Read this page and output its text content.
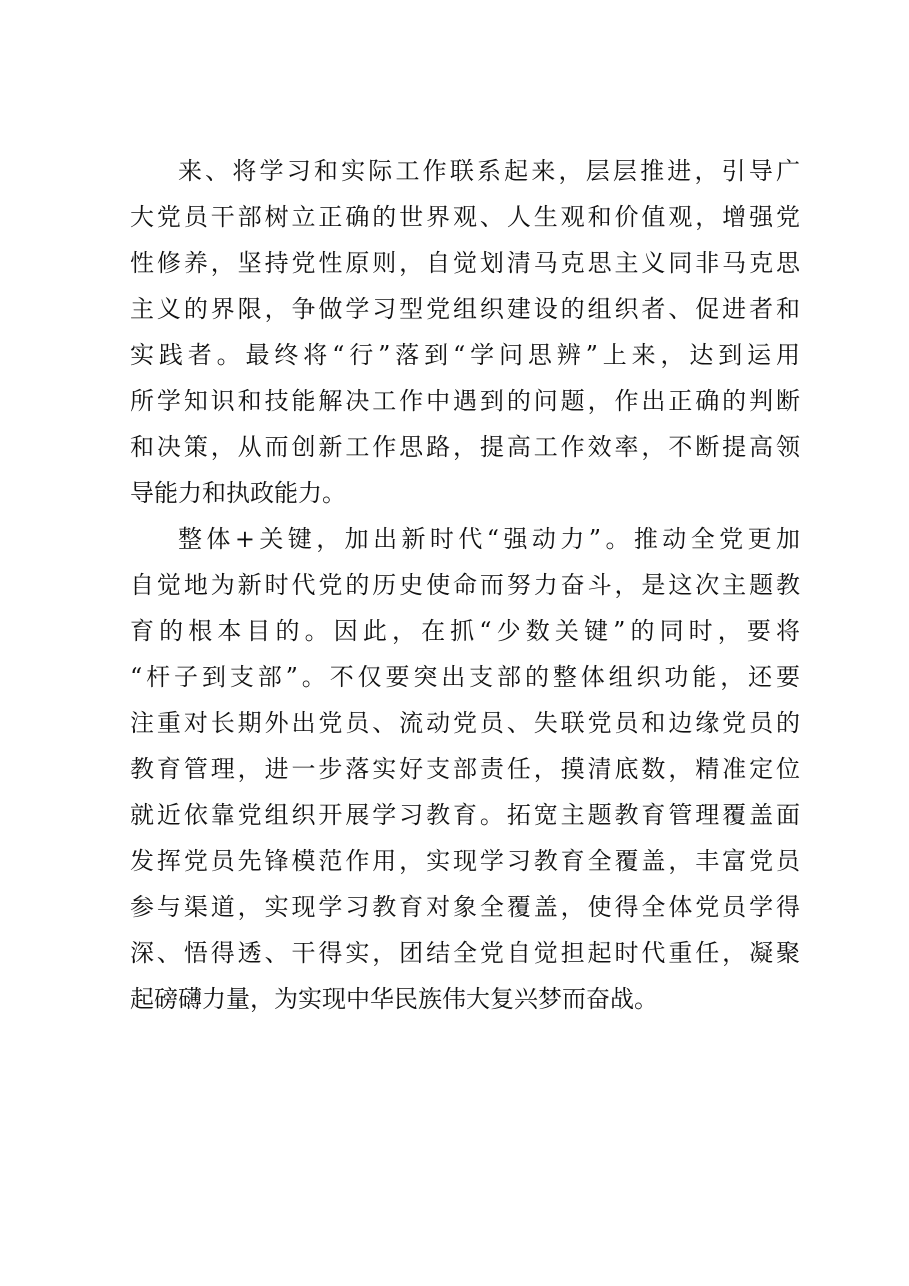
来、将学习和实际工作联系起来，层层推进，引导广
大党员干部树立正确的世界观、人生观和价值观，增强党
性修养，坚持党性原则，自觉划清马克思主义同非马克思
主义的界限，争做学习型党组织建设的组织者、促进者和
实践者。最终将“行”落到“学问思辨”上来，达到运用
所学知识和技能解决工作中遇到的问题，作出正确的判断
和决策，从而创新工作思路，提高工作效率，不断提高领
导能力和执政能力。
整体+关键，加出新时代“强动力”。推动全党更加
自觉地为新时代党的历史使命而努力奋斗，是这次主题教
育的根本目的。因此，在抓“少数关键”的同时，要将
“杆子到支部”。不仅要突出支部的整体组织功能，还要
注重对长期外出党员、流动党员、失联党员和边缘党员的
教育管理，进一步落实好支部责任，摸清底数，精准定位
就近依靠党组织开展学习教育。拓宽主题教育管理覆盖面
发挥党员先锋模范作用，实现学习教育全覆盖，丰富党员
参与渠道，实现学习教育对象全覆盖，使得全体党员学得
深、悟得透、干得实，团结全党自觉担起时代重任，凝聚
起磅礴力量，为实现中华民族伟大复兴梦而奋战。
